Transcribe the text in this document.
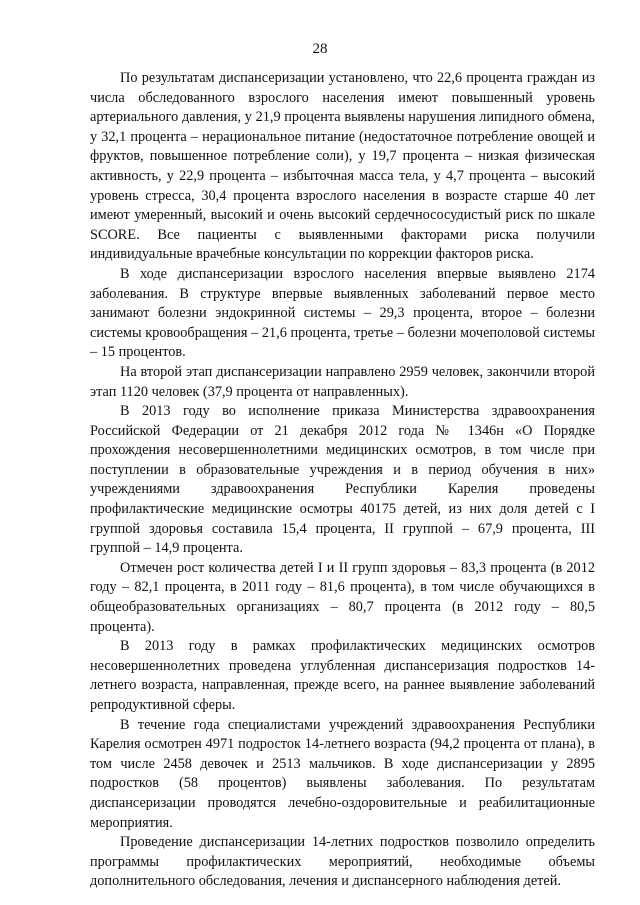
28

По результатам диспансеризации установлено, что 22,6 процента граждан из числа обследованного взрослого населения имеют повышенный уровень артериального давления, у 21,9 процента выявлены нарушения липидного обмена, у 32,1 процента – нерациональное питание (недостаточное потребление овощей и фруктов, повышенное потребление соли), у 19,7 процента – низкая физическая активность, у 22,9 процента – избыточная масса тела, у 4,7 процента – высокий уровень стресса, 30,4 процента взрослого населения в возрасте старше 40 лет имеют умеренный, высокий и очень высокий сердечнососудистый риск по шкале SCORE. Все пациенты с выявленными факторами риска получили индивидуальные врачебные консультации по коррекции факторов риска.

В ходе диспансеризации взрослого населения впервые выявлено 2174 заболевания. В структуре впервые выявленных заболеваний первое место занимают болезни эндокринной системы – 29,3 процента, второе – болезни системы кровообращения – 21,6 процента, третье – болезни мочеполовой системы – 15 процентов.

На второй этап диспансеризации направлено 2959 человек, закончили второй этап 1120 человек (37,9 процента от направленных).

В 2013 году во исполнение приказа Министерства здравоохранения Российской Федерации от 21 декабря 2012 года № 1346н «О Порядке прохождения несовершеннолетними медицинских осмотров, в том числе при поступлении в образовательные учреждения и в период обучения в них» учреждениями здравоохранения Республики Карелия проведены профилактические медицинские осмотры 40175 детей, из них доля детей с I группой здоровья составила 15,4 процента, II группой – 67,9 процента, III группой – 14,9 процента.

Отмечен рост количества детей I и II групп здоровья – 83,3 процента (в 2012 году – 82,1 процента, в 2011 году – 81,6 процента), в том числе обучающихся в общеобразовательных организациях – 80,7 процента (в 2012 году – 80,5 процента).

В 2013 году в рамках профилактических медицинских осмотров несовершеннолетних проведена углубленная диспансеризация подростков 14-летнего возраста, направленная, прежде всего, на раннее выявление заболеваний репродуктивной сферы.

В течение года специалистами учреждений здравоохранения Республики Карелия осмотрен 4971 подросток 14-летнего возраста (94,2 процента от плана), в том числе 2458 девочек и 2513 мальчиков. В ходе диспансеризации у 2895 подростков (58 процентов) выявлены заболевания. По результатам диспансеризации проводятся лечебно-оздоровительные и реабилитационные мероприятия.

Проведение диспансеризации 14-летних подростков позволило определить программы профилактических мероприятий, необходимые объемы дополнительного обследования, лечения и диспансерного наблюдения детей.
